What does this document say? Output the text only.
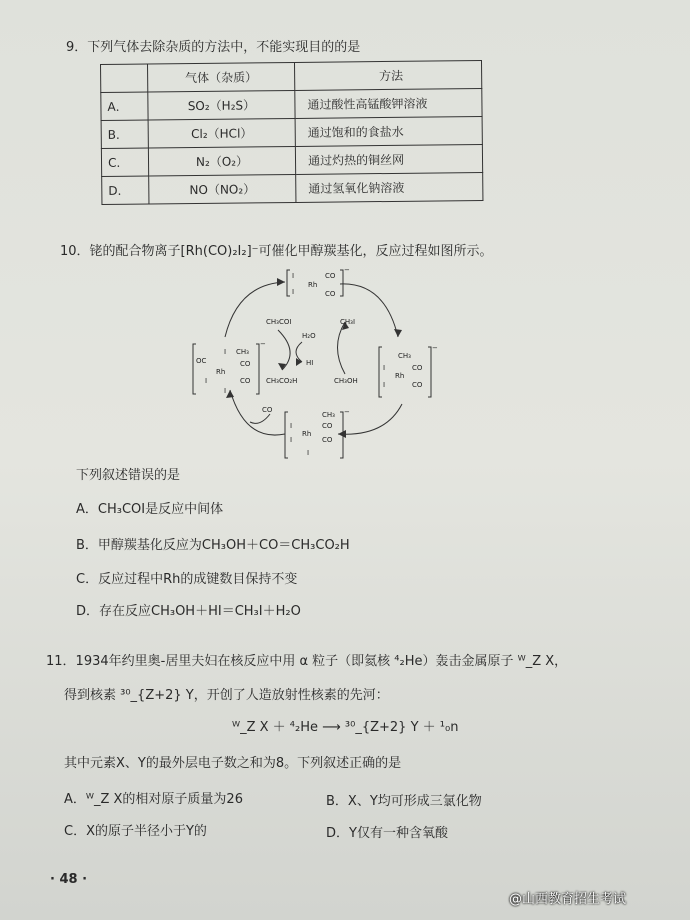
9．下列气体去除杂质的方法中，不能实现目的的是
	气体（杂质）	方法
A．	SO₂（H₂S）	通过酸性高锰酸钾溶液
B．	Cl₂（HCl）	通过饱和的食盐水
C．	N₂（O₂）	通过灼热的铜丝网
D．	NO（NO₂）	通过氢氧化钠溶液
10．铑的配合物离子[Rh(CO)₂I₂]⁻可催化甲醇羰基化，反应过程如图所示。
I
I
Rh
CO
CO
−
CH₃
I
I
Rh
CO
CO
−
CH₃
CO
I
I
Rh
CO
I
−
OC
I CH₃
CO
Rh
I	CO
I
−
CH₃COI
H₂O
CH₃I
HI
CH₃CO₂H	CH₃OH
CO
下列叙述错误的是
A．CH₃COI是反应中间体
B．甲醇羰基化反应为CH₃OH＋CO＝CH₃CO₂H
C．反应过程中Rh的成键数目保持不变
D．存在反应CH₃OH＋HI＝CH₃I＋H₂O
11．1934年约里奥-居里夫妇在核反应中用 α 粒子（即氦核 ⁴₂He）轰击金属原子 ᵂ_Z X，
得到核素 ³⁰_{Z+2} Y，开创了人造放射性核素的先河：
ᵂ_Z X ＋ ⁴₂He ⟶ ³⁰_{Z+2} Y ＋ ¹₀n
其中元素X、Y的最外层电子数之和为8。下列叙述正确的是
A．ᵂ_Z X的相对原子质量为26	B．X、Y均可形成三氯化物
C．X的原子半径小于Y的	D．Y仅有一种含氧酸
· 48 ·
@山西教育招生考试
